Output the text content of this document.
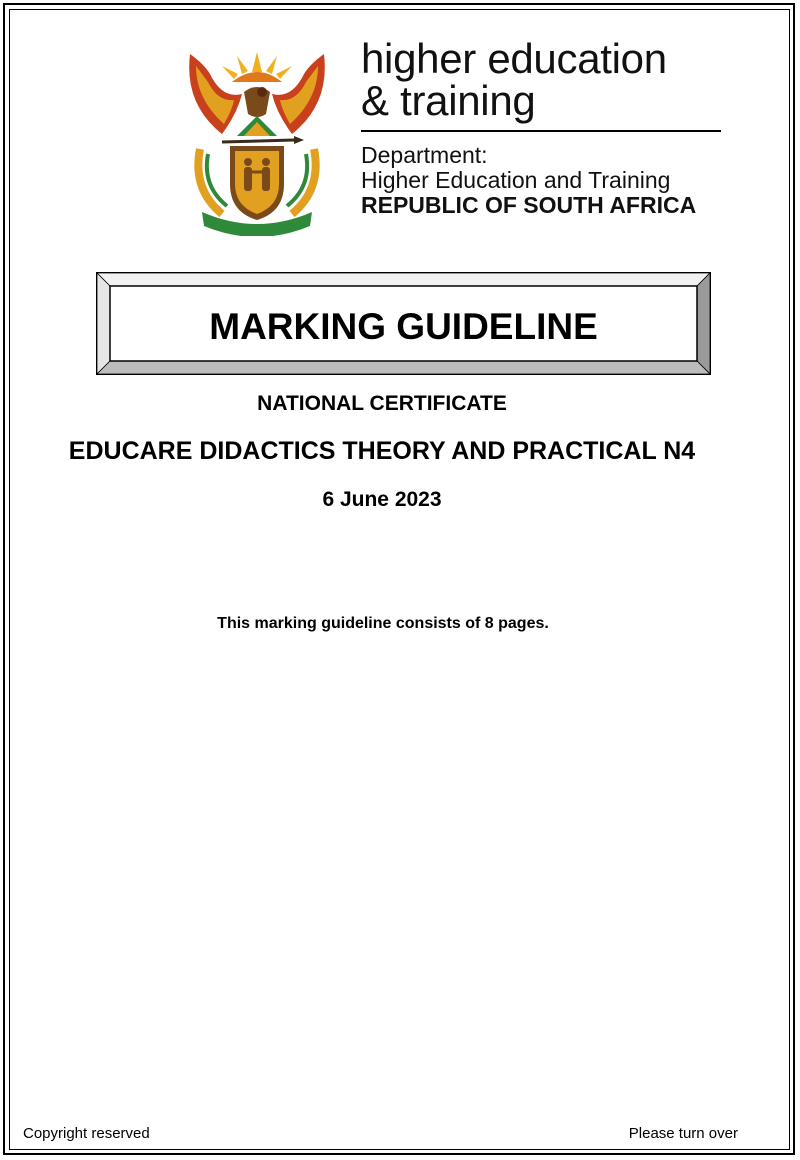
higher education
& training
Department:
Higher Education and Training
REPUBLIC OF SOUTH AFRICA
MARKING GUIDELINE
NATIONAL CERTIFICATE
EDUCARE DIDACTICS THEORY AND PRACTICAL N4
6 June 2023
This marking guideline consists of 8 pages.
Copyright reserved	Please turn over
